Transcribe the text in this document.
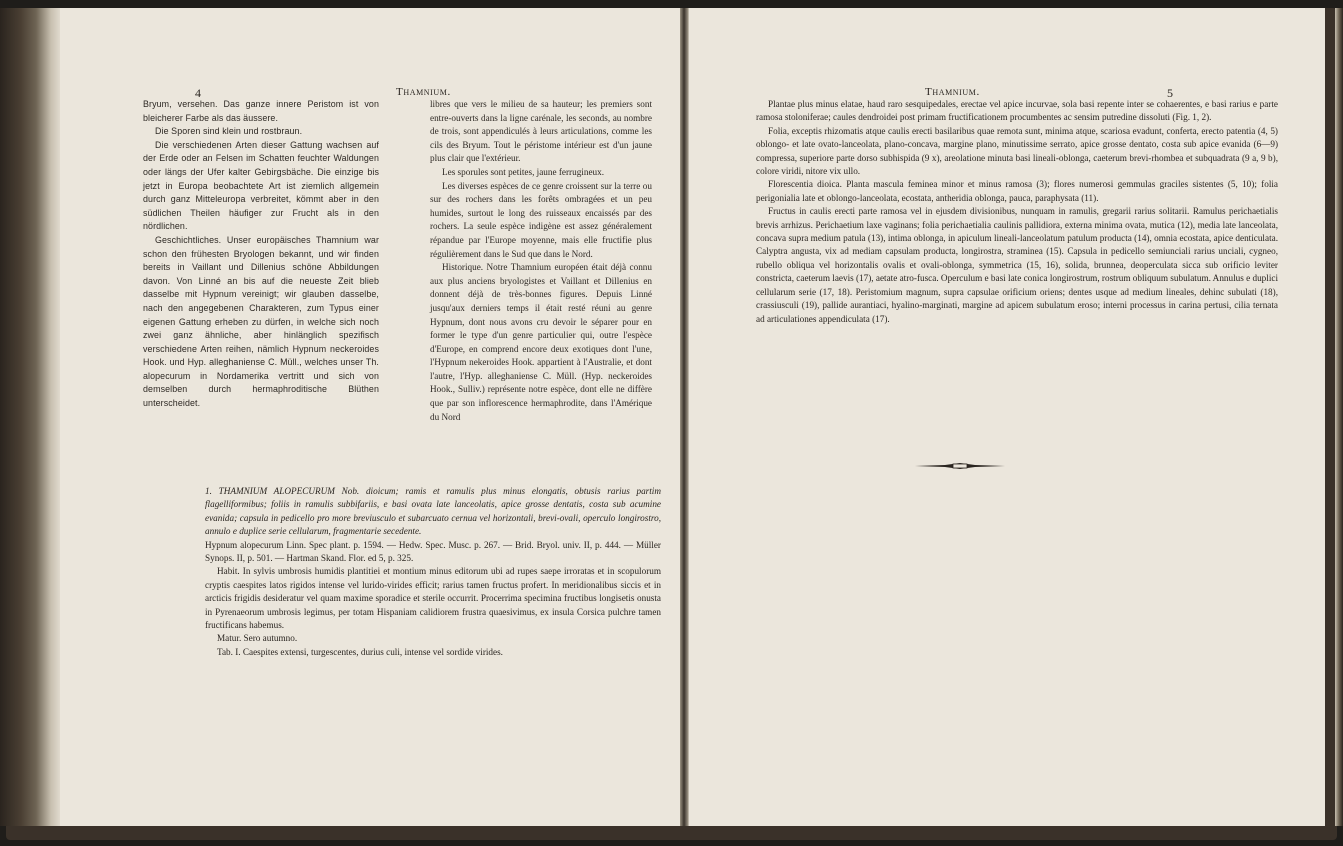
4	Thamnium.

Bryum, versehen. Das ganze innere Peristom ist von bleicherer Farbe als das äussere.

Die Sporen sind klein und rostbraun.

Die verschiedenen Arten dieser Gattung wachsen auf der Erde oder an Felsen im Schatten feuchter Waldungen oder längs der Ufer kalter Gebirgsbäche. Die einzige bis jetzt in Europa beobachtete Art ist ziemlich allgemein durch ganz Mitteleuropa verbreitet, kömmt aber in den südlichen Theilen häufiger zur Frucht als in den nördlichen.

Geschichtliches. Unser europäisches Thamnium war schon den frühesten Bryologen bekannt, und wir finden bereits in Vaillant und Dillenius schöne Abbildungen davon. Von Linné an bis auf die neueste Zeit blieb dasselbe mit Hypnum vereinigt; wir glauben dasselbe, nach den angegebenen Charakteren, zum Typus einer eigenen Gattung erheben zu dürfen, in welche sich noch zwei ganz ähnliche, aber hinlänglich spezifisch verschiedene Arten reihen, nämlich Hypnum neckeroides Hook. und Hyp. alleghaniense C. Müll., welches unser Th. alopecurum in Nordamerika vertritt und sich von demselben durch hermaphroditische Blüthen unterscheidet.

libres que vers le milieu de sa hauteur; les premiers sont entre-ouverts dans la ligne carénale, les seconds, au nombre de trois, sont appendiculés à leurs articulations, comme les cils des Bryum. Tout le péristome intérieur est d'un jaune plus clair que l'extérieur.

Les sporules sont petites, jaune ferrugineux.

Les diverses espèces de ce genre croissent sur la terre ou sur des rochers dans les forêts ombragées et un peu humides, surtout le long des ruisseaux encaissés par des rochers. La seule espèce indigène est assez généralement répandue par l'Europe moyenne, mais elle fructifie plus régulièrement dans le Sud que dans le Nord.

Historique. Notre Thamnium européen était déjà connu aux plus anciens bryologistes et Vaillant et Dillenius en donnent déjà de très-bonnes figures. Depuis Linné jusqu'aux derniers temps il était resté réuni au genre Hypnum, dont nous avons cru devoir le séparer pour en former le type d'un genre particulier qui, outre l'espèce d'Europe, en comprend encore deux exotiques dont l'une, l'Hypnum nekeroides Hook. appartient à l'Australie, et dont l'autre, l'Hyp. alleghaniense C. Müll. (Hyp. neckeroides Hook., Sulliv.) représente notre espèce, dont elle ne diffère que par son inflorescence hermaphrodite, dans l'Amérique du Nord

1. THAMNIUM ALOPECURUM Nob. dioicum; ramis et ramulis plus minus elongatis, obtusis rarius partim flagelliformibus; foliis in ramulis subbifariis, e basi ovata late lanceolatis, apice grosse dentatis, costa sub acumine evanida; capsula in pedicello pro more breviusculo et subarcuato cernua vel horizontali, brevi-ovali, operculo longirostro, annulo e duplice serie cellularum, fragmentarie secedente.

Hypnum alopecurum Linn. Spec plant. p. 1594. — Hedw. Spec. Musc. p. 267. — Brid. Bryol. univ. II, p. 444. — Müller Synops. II, p. 501. — Hartman Skand. Flor. ed 5, p. 325.

Habit. In sylvis umbrosis humidis plantitiei et montium minus editorum ubi ad rupes saepe irroratas et in scopulorum cryptis caespites latos rigidos intense vel lurido-virides efficit; rarius tamen fructus profert. In meridionalibus siccis et in arcticis frigidis desideratur vel quam maxime sporadice et sterile occurrit. Procerrima specimina fructibus longisetis onusta in Pyrenaeorum umbrosis legimus, per totam Hispaniam calidiorem frustra quaesivimus, ex insula Corsica pulchre tamen fructificans habemus.

Matur. Sero autumno.

Tab. I. Caespites extensi, turgescentes, durius culi, intense vel sordide virides.

Thamnium.	5

Plantae plus minus elatae, haud raro sesquipedales, erectae vel apice incurvae, sola basi repente inter se cohaerentes, e basi rarius e parte ramosa stoloniferae; caules dendroidei post primam fructificationem procumbentes ac sensim putredine dissoluti (Fig. 1, 2).

Folia, exceptis rhizomatis atque caulis erecti basilaribus quae remota sunt, minima atque, scariosa evadunt, conferta, erecto patentia (4, 5) oblongo- et late ovato-lanceolata, plano-concava, margine plano, minutissime serrato, apice grosse dentato, costa sub apice evanida (6—9) compressa, superiore parte dorso subhispida (9 x), areolatione minuta basi lineali-oblonga, caeterum brevi-rhombea et subquadrata (9 a, 9 b), colore viridi, nitore vix ullo.

Florescentia dioica. Planta mascula feminea minor et minus ramosa (3); flores numerosi gemmulas graciles sistentes (5, 10); folia perigonialia late et oblongo-lanceolata, ecostata, antheridia oblonga, pauca, paraphysata (11).

Fructus in caulis erecti parte ramosa vel in ejusdem divisionibus, nunquam in ramulis, gregarii rarius solitarii. Ramulus perichaetialis brevis arrhizus. Perichaetium laxe vaginans; folia perichaetialia caulinis pallidiora, externa minima ovata, mutica (12), media late lanceolata, concava supra medium patula (13), intima oblonga, in apiculum lineali-lanceolatum patulum producta (14), omnia ecostata, apice denticulata. Calyptra angusta, vix ad mediam capsulam producta, longirostra, straminea (15). Capsula in pedicello semiunciali rarius unciali, cygneo, rubello obliqua vel horizontalis ovalis et ovali-oblonga, symmetrica (15, 16), solida, brunnea, deoperculata sicca sub orificio leviter constricta, caeterum laevis (17), aetate atro-fusca. Operculum e basi late conica longirostrum, rostrum obliquum subulatum. Annulus e duplici cellularum serie (17, 18). Peristomium magnum, supra capsulae orificium oriens; dentes usque ad medium lineales, dehinc subulati (18), crassiusculi (19), pallide aurantiaci, hyalino-marginati, margine ad apicem subulatum eroso; interni processus in carina pertusi, cilia ternata ad articulationes appendiculata (17).
